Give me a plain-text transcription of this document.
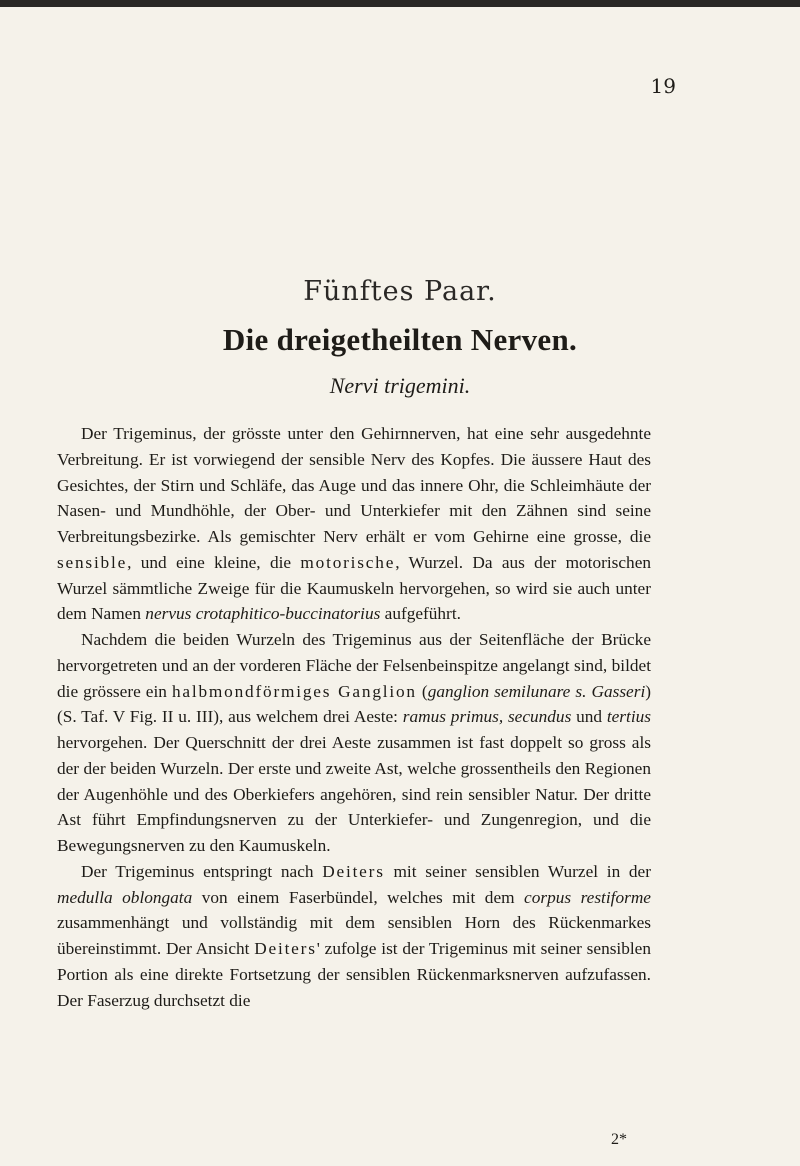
19
Fünftes Paar.
Die dreigetheilten Nerven.
Nervi trigemini.

Der Trigeminus, der grösste unter den Gehirnnerven, hat eine sehr ausgedehnte Verbreitung. Er ist vorwiegend der sensible Nerv des Kopfes. Die äussere Haut des Gesichtes, der Stirn und Schläfe, das Auge und das innere Ohr, die Schleimhäute der Nasen- und Mundhöhle, der Ober- und Unterkiefer mit den Zähnen sind seine Verbreitungsbezirke. Als gemischter Nerv erhält er vom Gehirne eine grosse, die sensible, und eine kleine, die motorische, Wurzel. Da aus der motorischen Wurzel sämmtliche Zweige für die Kaumuskeln hervorgehen, so wird sie auch unter dem Namen nervus crotaphitico-buccinatorius aufgeführt.

Nachdem die beiden Wurzeln des Trigeminus aus der Seitenfläche der Brücke hervorgetreten und an der vorderen Fläche der Felsenbeinspitze angelangt sind, bildet die grössere ein halbmondförmiges Ganglion (ganglion semilunare s. Gasseri) (S. Taf. V Fig. II u. III), aus welchem drei Aeste: ramus primus, secundus und tertius hervorgehen. Der Querschnitt der drei Aeste zusammen ist fast doppelt so gross als der der beiden Wurzeln. Der erste und zweite Ast, welche grossentheils den Regionen der Augenhöhle und des Oberkiefers angehören, sind rein sensibler Natur. Der dritte Ast führt Empfindungsnerven zu der Unterkiefer- und Zungenregion, und die Bewegungsnerven zu den Kaumuskeln.

Der Trigeminus entspringt nach Deiters mit seiner sensiblen Wurzel in der medulla oblongata von einem Faserbündel, welches mit dem corpus restiforme zusammenhängt und vollständig mit dem sensiblen Horn des Rückenmarkes übereinstimmt. Der Ansicht Deiters' zufolge ist der Trigeminus mit seiner sensiblen Portion als eine direkte Fortsetzung der sensiblen Rückenmarksnerven aufzufassen. Der Faserzug durchsetzt die

2*
